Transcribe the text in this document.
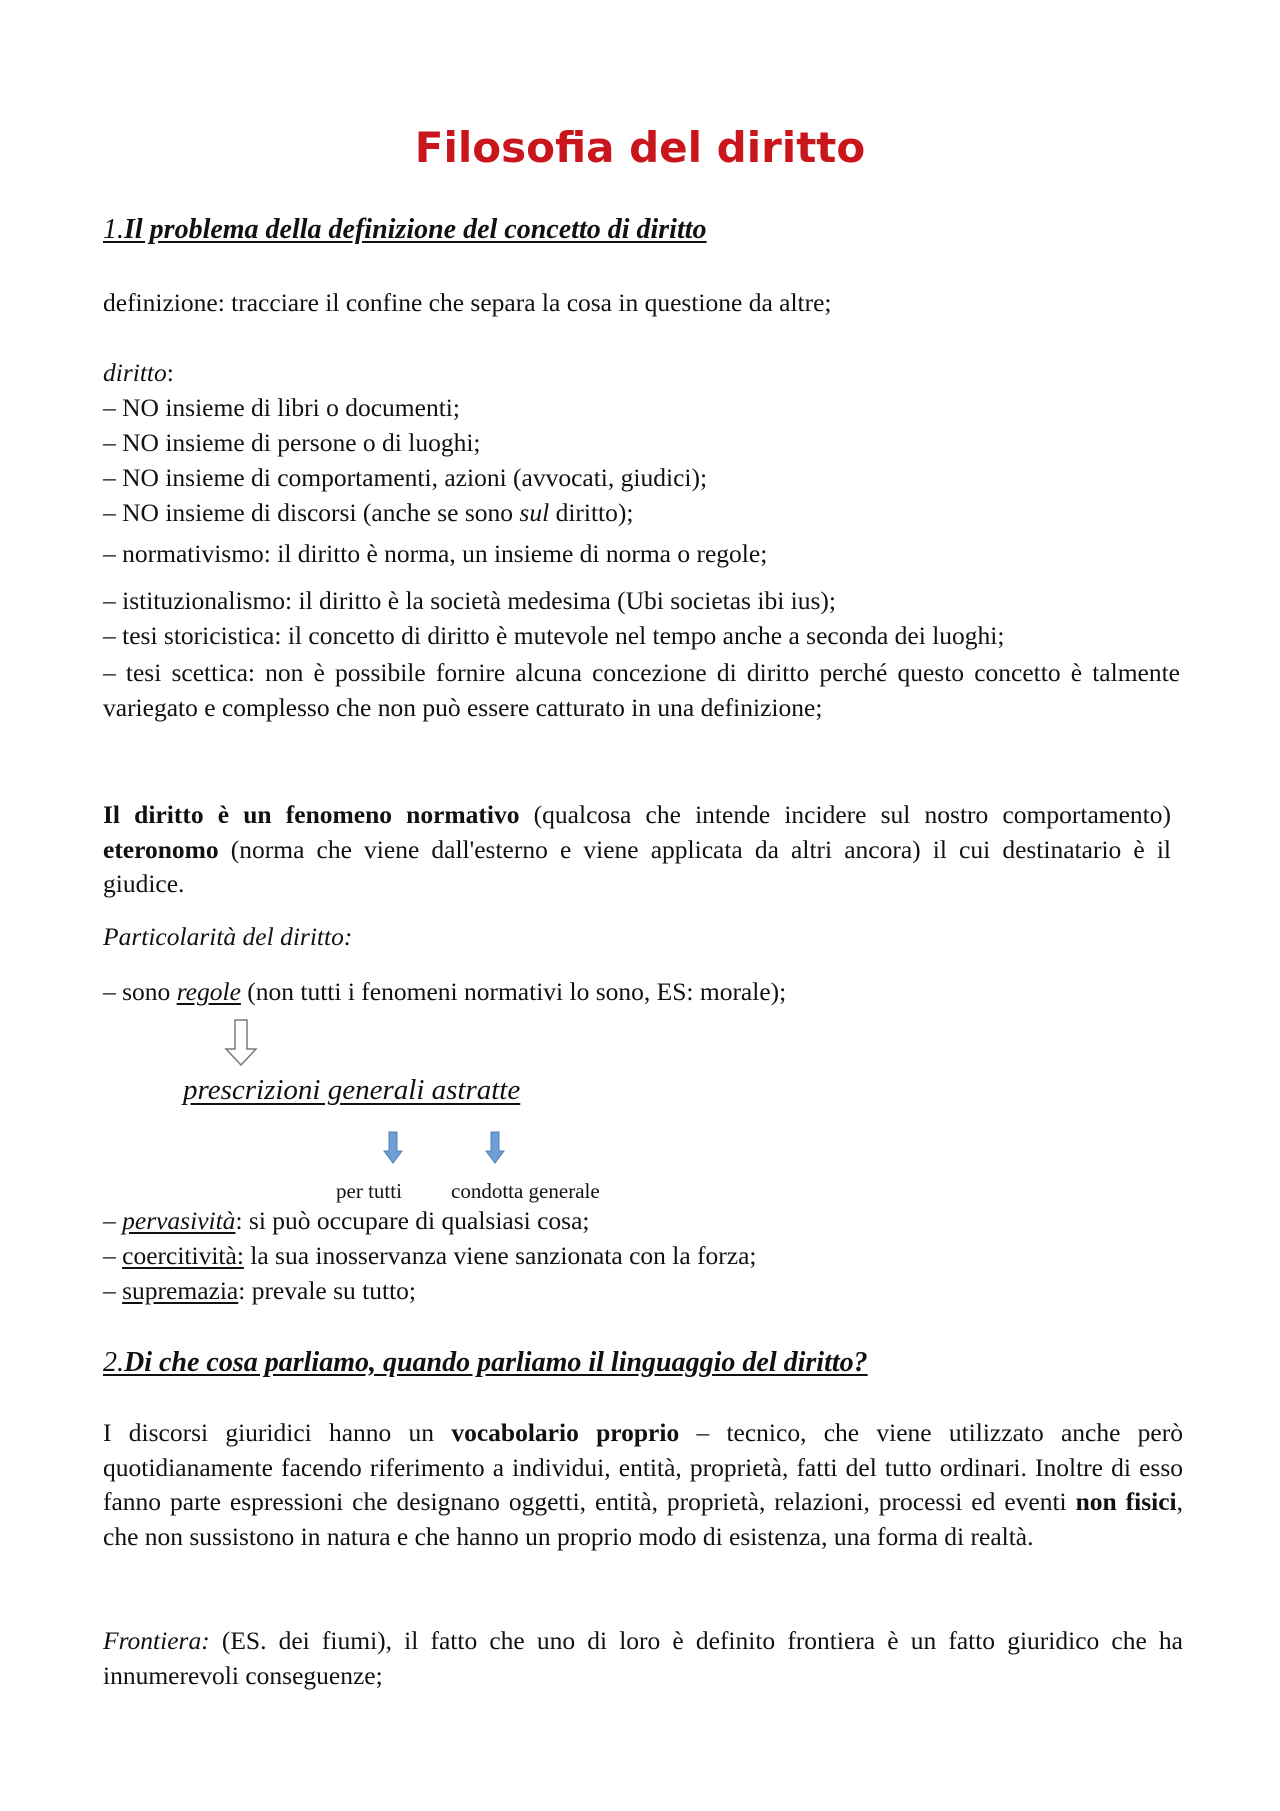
Filosofia del diritto
1.Il problema della definizione del concetto di diritto
definizione: tracciare il confine che separa la cosa in questione da altre;
diritto:
– NO insieme di libri o documenti;
– NO insieme di persone o di luoghi;
– NO insieme di comportamenti, azioni (avvocati, giudici);
– NO insieme di discorsi (anche se sono sul diritto);
– normativismo: il diritto è norma, un insieme di norma o regole;
– istituzionalismo: il diritto è la società medesima (Ubi societas ibi ius);
– tesi storicistica: il concetto di diritto è mutevole nel tempo anche a seconda dei luoghi;

– tesi scettica: non è possibile fornire alcuna concezione di diritto perché questo concetto è talmente variegato e complesso che non può essere catturato in una definizione;

Il diritto è un fenomeno normativo (qualcosa che intende incidere sul nostro comportamento) eteronomo (norma che viene dall'esterno e viene applicata da altri ancora) il cui destinatario è il giudice.

Particolarità del diritto:
– sono regole (non tutti i fenomeni normativi lo sono, ES: morale);
prescrizioni generali astratte
per tutti condotta generale
– pervasività: si può occupare di qualsiasi cosa;
– coercitività: la sua inosservanza viene sanzionata con la forza;
– supremazia: prevale su tutto;
2.Di che cosa parliamo, quando parliamo il linguaggio del diritto?

I discorsi giuridici hanno un vocabolario proprio – tecnico, che viene utilizzato anche però quotidianamente facendo riferimento a individui, entità, proprietà, fatti del tutto ordinari. Inoltre di esso fanno parte espressioni che designano oggetti, entità, proprietà, relazioni, processi ed eventi non fisici, che non sussistono in natura e che hanno un proprio modo di esistenza, una forma di realtà.

Frontiera: (ES. dei fiumi), il fatto che uno di loro è definito frontiera è un fatto giuridico che ha innumerevoli conseguenze;
